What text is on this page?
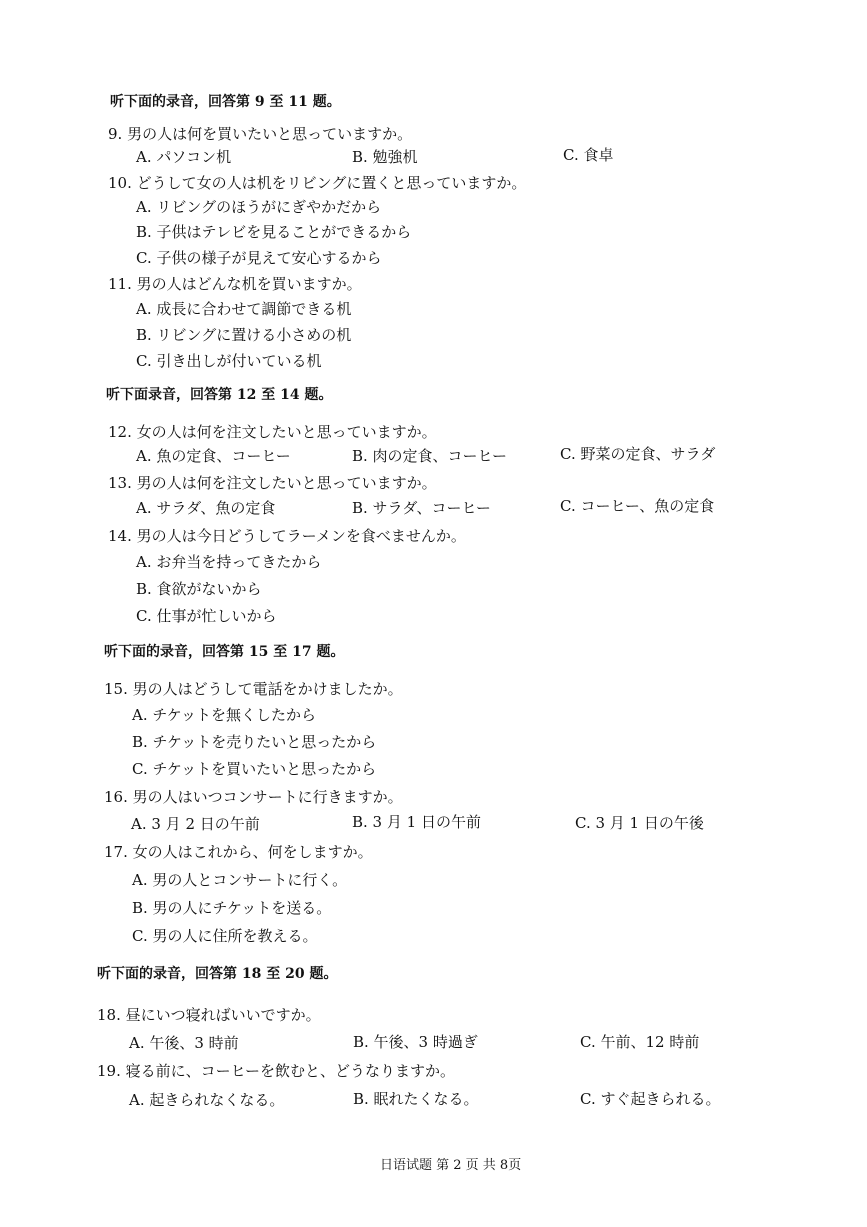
听下面的录音，回答第 9 至 11 题。
9. 男の人は何を買いたいと思っていますか。
A. パソコン机	B. 勉強机	C. 食卓
10. どうして女の人は机をリビングに置くと思っていますか。
A. リビングのほうがにぎやかだから
B. 子供はテレビを見ることができるから
C. 子供の様子が見えて安心するから
11. 男の人はどんな机を買いますか。
A. 成長に合わせて調節できる机
B. リビングに置ける小さめの机
C. 引き出しが付いている机
听下面录音，回答第 12 至 14 题。
12. 女の人は何を注文したいと思っていますか。
A. 魚の定食、コーヒー	B. 肉の定食、コーヒー	C. 野菜の定食、サラダ
13. 男の人は何を注文したいと思っていますか。
A. サラダ、魚の定食	B. サラダ、コーヒー	C. コーヒー、魚の定食
14. 男の人は今日どうしてラーメンを食べませんか。
A. お弁当を持ってきたから
B. 食欲がないから
C. 仕事が忙しいから
听下面的录音，回答第 15 至 17 题。
15. 男の人はどうして電話をかけましたか。
A. チケットを無くしたから
B. チケットを売りたいと思ったから
C. チケットを買いたいと思ったから
16. 男の人はいつコンサートに行きますか。
A. 3 月 2 日の午前	B. 3 月 1 日の午前	C. 3 月 1 日の午後
17. 女の人はこれから、何をしますか。
A. 男の人とコンサートに行く。
B. 男の人にチケットを送る。
C. 男の人に住所を教える。
听下面的录音，回答第 18 至 20 题。
18. 昼にいつ寝ればいいですか。
A. 午後、3 時前	B. 午後、3 時過ぎ	C. 午前、12 時前
19. 寝る前に、コーヒーを飲むと、どうなりますか。
A. 起きられなくなる。	B. 眠れたくなる。	C. すぐ起きられる。
日语试题 第 2 页 共 8页
